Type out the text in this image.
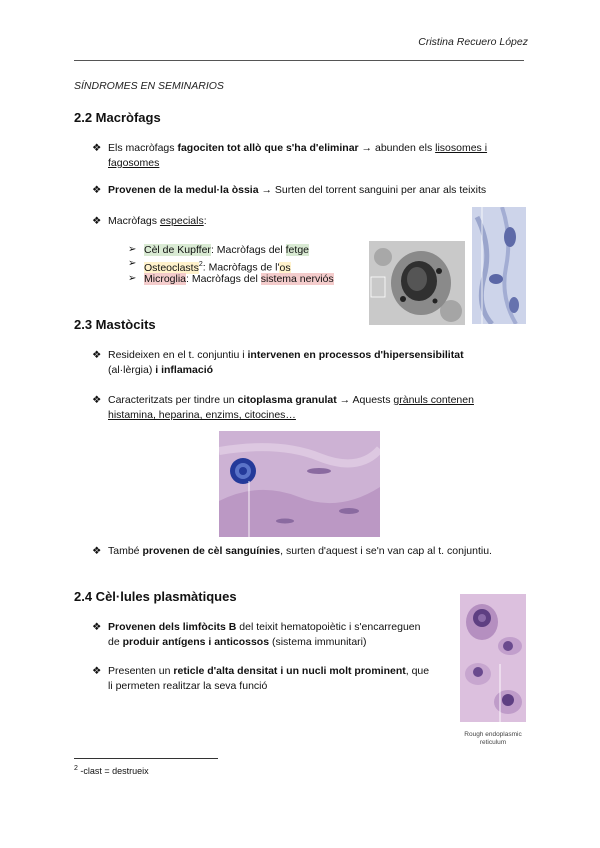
Cristina Recuero López
SÍNDROMES EN SEMINARIOS
2.2 Macròfags
❖ Els macròfags fagociten tot allò que s'ha d'eliminar → abunden els lisosomes i
fagosomes
❖ Provenen de la medul·la òssia → Surten del torrent sanguini per anar als teixits
❖ Macròfags especials:
➢ Cèl de Kupffer: Macròfags del fetge
➢ Osteoclasts$^2$: Macròfags de l'os
➢ Microglia: Macròfags del sistema nerviós
2.3 Mastòcits
❖ Resideixen en el t. conjuntiu i intervenen en processos d'hipersensibilitat
(al·lèrgia) i inflamació
❖ Caracteritzats per tindre un citoplasma granulat → Aquests grànuls contenen
histamina, heparina, enzims, citocines…
❖ També provenen de cèl sanguínies, surten d'aquest i se'n van cap al t. conjuntiu.
2.4 Cèl·lules plasmàtiques
❖ Provenen dels limfòcits B del teixit hematopoiètic i s'encarreguen
de produir antígens i anticossos (sistema immunitari)
❖ Presenten un reticle d'alta densitat i un nucli molt prominent, que
li permeten realitzar la seva funció
Rough endoplasmic reticulum
$^2$ -clast = destrueix
